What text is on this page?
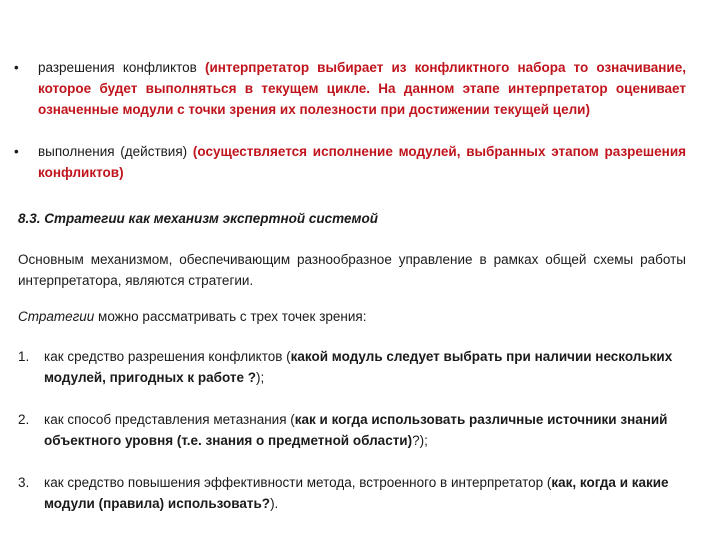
•	разрешения конфликтов (интерпретатор выбирает из конфликтного набора то означивание, которое будет выполняться в текущем цикле. На данном этапе интерпретатор оценивает означенные модули с точки зрения их полезности при достижении текущей цели)
•	выполнения (действия) (осуществляется исполнение модулей, выбранных этапом разрешения конфликтов)

8.3. Стратегии как механизм экспертной системой

Основным механизмом, обеспечивающим разнообразное управление в рамках общей схемы работы интерпретатора, являются стратегии.

Стратегии можно рассматривать с трех точек зрения:

1.	как средство разрешения конфликтов (какой модуль следует выбрать при наличии нескольких модулей, пригодных к работе ?);
2.	как способ представления метазнания (как и когда использовать различные источники знаний объектного уровня (т.е. знания о предметной области)?);
3.	как средство повышения эффективности метода, встроенного в интерпретатор (как, когда и какие модули (правила) использовать?).
